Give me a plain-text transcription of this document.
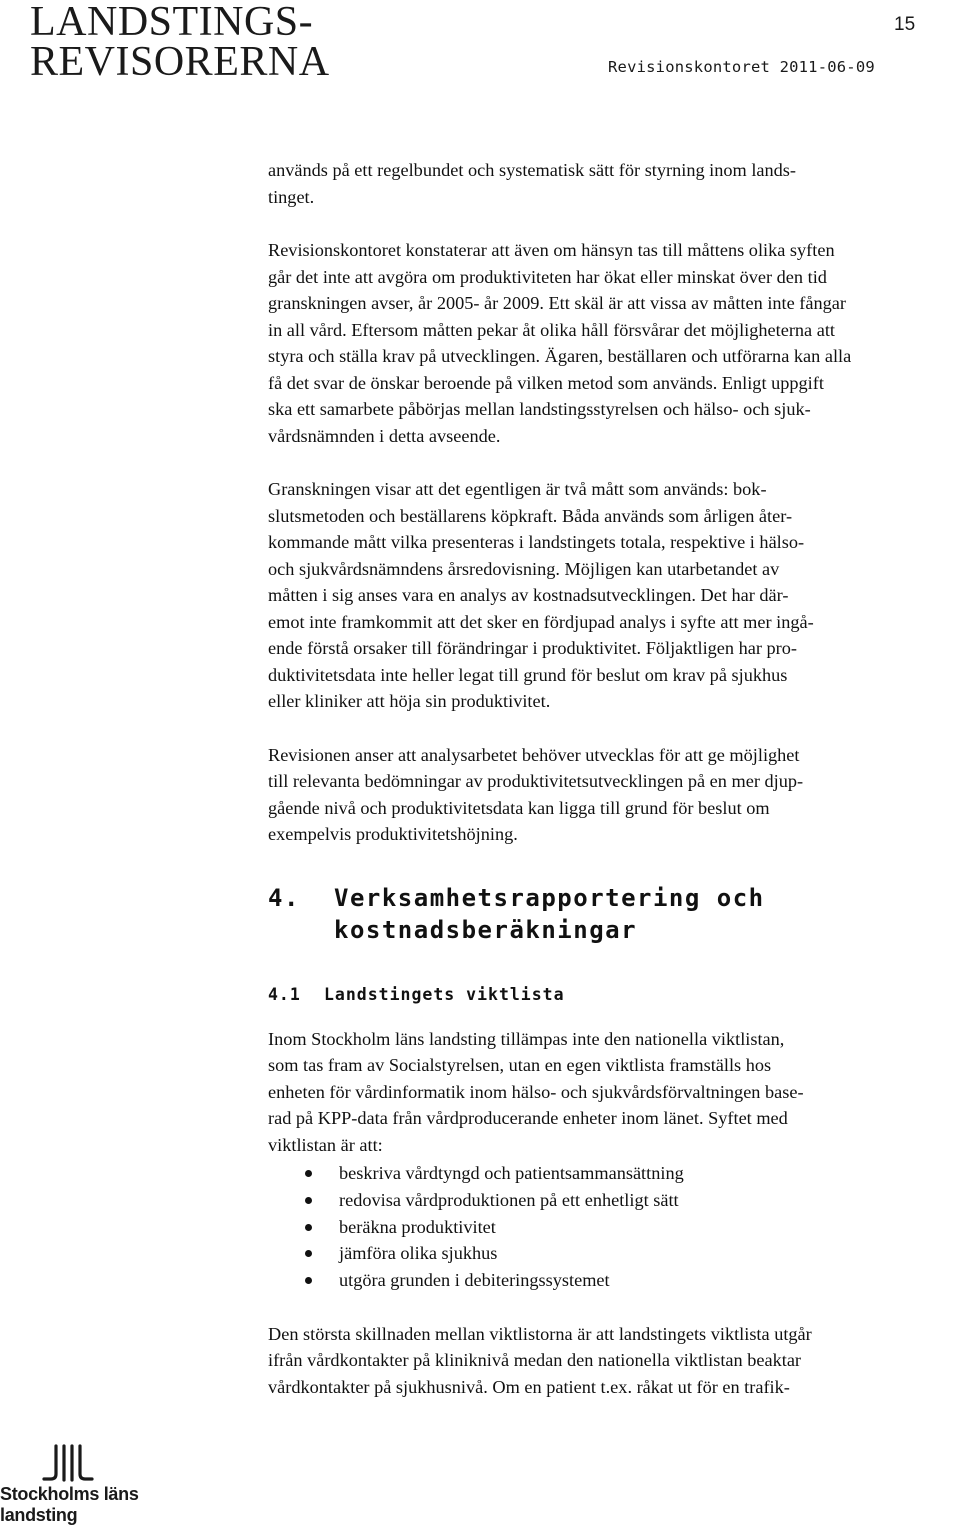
LANDSTINGS-
REVISORERNA
15
Revisionskontoret 2011-06-09

används på ett regelbundet och systematisk sätt för styrning inom lands-
tinget.

Revisionskontoret konstaterar att även om hänsyn tas till måttens olika syften
går det inte att avgöra om produktiviteten har ökat eller minskat över den tid
granskningen avser, år 2005- år 2009. Ett skäl är att vissa av måtten inte fångar
in all vård. Eftersom måtten pekar åt olika håll försvårar det möjligheterna att
styra och ställa krav på utvecklingen. Ägaren, beställaren och utförarna kan alla
få det svar de önskar beroende på vilken metod som används. Enligt uppgift
ska ett samarbete påbörjas mellan landstingsstyrelsen och hälso- och sjuk-
vårdsnämnden i detta avseende.

Granskningen visar att det egentligen är två mått som används: bok-
slutsmetoden och beställarens köpkraft. Båda används som årligen åter-
kommande mått vilka presenteras i landstingets totala, respektive i hälso-
och sjukvårdsnämndens årsredovisning. Möjligen kan utarbetandet av
måtten i sig anses vara en analys av kostnadsutvecklingen. Det har där-
emot inte framkommit att det sker en fördjupad analys i syfte att mer ingå-
ende förstå orsaker till förändringar i produktivitet. Följaktligen har pro-
duktivitetsdata inte heller legat till grund för beslut om krav på sjukhus
eller kliniker att höja sin produktivitet.

Revisionen anser att analysarbetet behöver utvecklas för att ge möjlighet
till relevanta bedömningar av produktivitetsutvecklingen på en mer djup-
gående nivå och produktivitetsdata kan ligga till grund för beslut om
exempelvis produktivitetshöjning.

4.	Verksamhetsrapportering och
kostnadsberäkningar
4.1	Landstingets viktlista

Inom Stockholm läns landsting tillämpas inte den nationella viktlistan,
som tas fram av Socialstyrelsen, utan en egen viktlista framställs hos
enheten för vårdinformatik inom hälso- och sjukvårdsförvaltningen base-
rad på KPP-data från vårdproducerande enheter inom länet. Syftet med
viktlistan är att:

beskriva vårdtyngd och patientsammansättning
redovisa vårdproduktionen på ett enhetligt sätt
beräkna produktivitet
jämföra olika sjukhus
utgöra grunden i debiteringssystemet

Den största skillnaden mellan viktlistorna är att landstingets viktlista utgår
ifrån vårdkontakter på kliniknivå medan den nationella viktlistan beaktar
vårdkontakter på sjukhusnivå. Om en patient t.ex. råkat ut för en trafik-

Stockholms läns
landsting
